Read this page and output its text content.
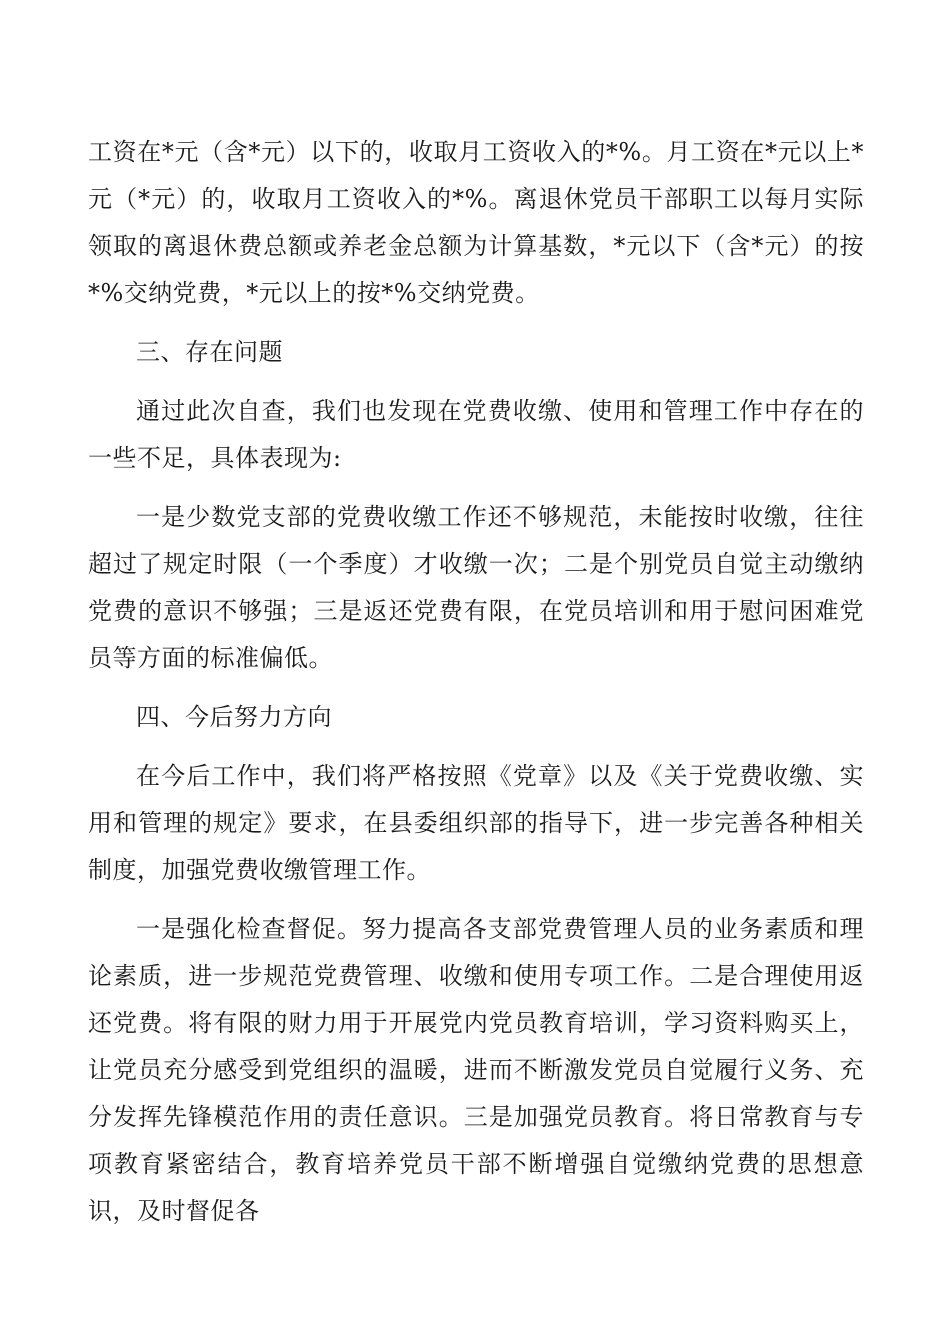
工资在*元（含*元）以下的，收取月工资收入的*%。月工资在*元以上*元（*元）的，收取月工资收入的*%。离退休党员干部职工以每月实际领取的离退休费总额或养老金总额为计算基数，*元以下（含*元）的按*%交纳党费，*元以上的按*%交纳党费。

三、存在问题

通过此次自查，我们也发现在党费收缴、使用和管理工作中存在的一些不足，具体表现为:

一是少数党支部的党费收缴工作还不够规范，未能按时收缴，往往超过了规定时限（一个季度）才收缴一次；二是个别党员自觉主动缴纳党费的意识不够强；三是返还党费有限，在党员培训和用于慰问困难党员等方面的标准偏低。

四、今后努力方向

在今后工作中，我们将严格按照《党章》以及《关于党费收缴、实用和管理的规定》要求，在县委组织部的指导下，进一步完善各种相关制度，加强党费收缴管理工作。

一是强化检查督促。努力提高各支部党费管理人员的业务素质和理论素质，进一步规范党费管理、收缴和使用专项工作。二是合理使用返还党费。将有限的财力用于开展党内党员教育培训，学习资料购买上，让党员充分感受到党组织的温暖，进而不断激发党员自觉履行义务、充分发挥先锋模范作用的责任意识。三是加强党员教育。将日常教育与专项教育紧密结合，教育培养党员干部不断增强自觉缴纳党费的思想意识，及时督促各
